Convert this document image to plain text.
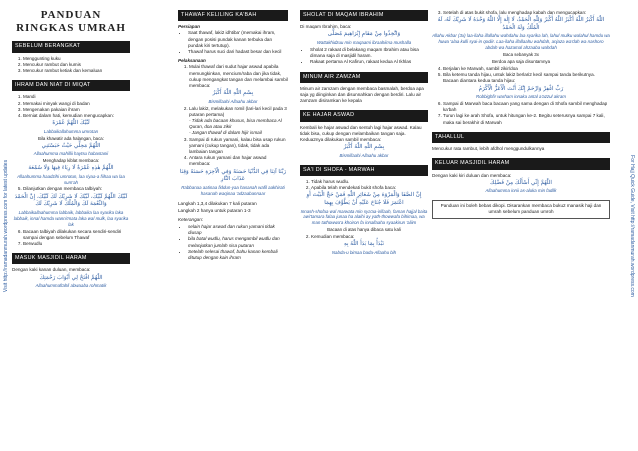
Visit http://ramadanmurah.wordpress.com for latest updates	For Hajj Quick Guide, Visit http://ramadanmurah.wordpress.com
PANDUAN RINGKAS UMRAH
SEBELUM BERANGKAT
1. Menggunting kuku
2. Mencukur rambut dan kumis
3. Mencukur rambut ketiak dan kemaluan
IHRAM DAN NIAT DI MIQAT
1. Mandi
2. Memakai minyak wangi di badan
3. Mengenakan pakaian ihram
4. Berniat dalam hati, kemudian mengucapkan:
لَبَّيْكَ اللّٰهُمَّ عُمْرَةً
Labbaikallahumma umrotan
Bila khawatir ada halangan, baca:
اللّٰهُمَّ مَحِلِّي حَيْثُ حَبَسْتَنِي
Allaahumma mahillii haytsu habastanii
Menghadap kiblat membaca:
اللّٰهُمَّ هٰذِهِ عُمْرَةٌ لَا رِيَاءَ فِيهَا وَلَا سُمْعَةَ
Allaahumma haadzihi umrotun, laa riyaa-a fiihaa wa laa sum'ah
5. Dilanjutkan dengan membaca talbiyah:
لَبَّيْكَ اللّٰهُمَّ لَبَّيْكَ، لَبَّيْكَ لَا شَرِيْكَ لَكَ لَبَّيْكَ، إِنَّ الْحَمْدَ وَالنِّعْمَةَ لَكَ وَالْمُلْكَ لَا شَرِيْكَ لَكَ
Labbaikallaahumma labbaik, labbaika laa syarika laka labbaik, innal hamda wanni'mata laka wal mulk, laa syarika lak
6. Bacaan talbiyah dilakukan secara sendiri-sendiri sampai dengan sebelum Thawaf
7. Berwudlu
MASUK MASJIDIL HARAM

Dengan kaki kanan duluan, membaca:

اللّٰهُمَّ افْتَحْ لِي أَبْوَابَ رَحْمَتِكَ
Allaahummaftahli abwaaba rohmatik
THAWAF KELILING KA'BAH
Persiapan
• Saat thawaf, laki2 idhtiba' (memakai ihram, dengan posisi pundak kanan terbuka dan pundak kiri tertutup).
• Thawaf harus suci dari hadast besar dan kecil
Pelaksanaan
1. Mulai thawaf dari sudut hajar aswad apabila memungkinkan, mencium/raba dan jika tidak, cukup mengangkat tangan dan melambai sambil membaca:
بِسْمِ اللّٰهِ اللّٰهُ أَكْبَرُ
Bismillaahi Allaahu akbar
2. Lalu laki2, melakukan romil (lari-lari kecil pada 3 putaran pertama)
- Tidak ada bacaan khusus, bisa membaca Al Quran, doa atau zikir
- Jangan thawaf di dalam hijir ismail
3. Sampai di rukun yamani, kalau bisa usap rukun yamani (cukup tangan), tidak, tidak ada lambaian tangan
4. Antara rukun yamani dan hajar aswad membaca:
رَبَّنَا آتِنَا فِي الدُّنْيَا حَسَنَةً وَفِي الْآخِرَةِ حَسَنَةً وَقِنَا عَذَابَ النَّارِ
Rabbanaa aatinaa fiddun-yaa hasanah wafil aakhirati hasanah waqinaa 'adzaabannaar

Langkah 1,3,4 dilakukan 7 kali putaran

Langkah 2 hanya untuk putaran 1-3

Keterangan:

• selain hajar aswad dan rukun yamani tidak diusap
• bila batal wudlu, harus mengambil wudlu dan melanjutkan jumlah sisa putaran
• Setelah selesai thawaf, bahu kanan kembali ditutup dengan kain ihram
SHOLAT DI MAQAM IBRAHIM

Di maqam Ibrahim, baca:

وَاتَّخِذُوا مِنْ مَقَامِ إِبْرَاهِيمَ مُصَلًّى
Wattakhidzuu min maqaami ibraahiima mushalla
• Sholat 2 rakaat di belakang maqam Ibrahim atau bisa dimana saja di masjidil haram.
• Rakaat pertama Al Kafirun, rakaat kedua Al Ikhlas
MINUM AIR ZAMZAM

Minum air zamzam dengan membaca basmalah, berdoa apa saja yg diinginkan dan disunnahkan dengan berdiri. Lalu air zamzam disiramkan ke kepala

KE HAJAR ASWAD

Kembali ke hajar aswad dan sentuh lagi hajar aswad. Kalau tidak bisa, cukup dengan melambaikan tangan saja. Kedua2nya dilakukan sambil membaca:

بِسْمِ اللّٰهِ اللّٰهُ أَكْبَرُ
Bismillaahi Allaahu akbar
SA'I DI SHOFA - MARWAH
1. Tidak harus wudlu.
2. Apabila telah mendekati bukit shofa baca:
إِنَّ الصَّفَا وَالْمَرْوَةَ مِنْ شَعَائِرِ اللّٰهِ فَمَنْ حَجَّ الْبَيْتَ أَوِ اعْتَمَرَ فَلَا جُنَاحَ عَلَيْهِ أَنْ يَطَّوَّفَ بِهِمَا
Innash-shofaa wal marwata min sya'aa-irillaah, faman hajjal baita awi'tamara falaa junaa ha alaihi ay yath-thowwafa bihimaa, wa man tathowwa'a khoiron fa innallaaha syaakirun 'aliim
Bacaan di atas hanya dibaca satu kali
2. Kemudian membaca:
نَبْدَأُ بِمَا بَدَأَ اللّٰهُ بِهِ
Nabda-u bimaa bada-Allaahu bih
3. Setelah di atas bukit shofa, lalu menghadap kabah dan mengucapkan:
اللّٰهُ أَكْبَرُ اللّٰهُ أَكْبَرُ اللّٰهُ أَكْبَرُ وَلِلّٰهِ الْحَمْدُ، لَا إِلٰهَ إِلَّا اللّٰهُ وَحْدَهُ لَا شَرِيْكَ لَهُ، لَهُ الْمُلْكُ وَلَهُ الْحَمْدُ
Allahu Akbar (3x) laa-ilaha illallahu wahdahu laa syarika lah, lahul mulku walahul hamdu wa huwa 'alaa kulli syai-in qodiir. Laa-ilaha illallaahu wahdah, anjaza wa'dah wa nashoro abdah wa hazamal ahzaaba wahdah
Baca sebanyak 3x
Berdoa apa saja disuntamnya
4. Berjalan ke Marwah, sambil zikir/doa
5. Bila ketemu tanda hijau, untuk laki2 berlari2 kecil sampai tanda berikutnya. Bacaan diantara kedua tanda hijau:
رَبِّ اغْفِرْ وَارْحَمْ إِنَّكَ أَنْتَ الْأَعَزُّ الْأَكْرَمُ
Robbighfir warham innaka antal a'azzul akram
6. Sampai di Marwah baca bacaan yang sama dengan di Shofa sambil menghadap ka'bah
7. Turun lagi ke arah Shofa, untuk hitungan ke-2. Begitu seterusnya sampai 7 kali, maka sai berakhir di Marwah
TAHALLUL

Mencukur rata rambut, lebih afdhol menggundulkannya

KELUAR MASJIDIL HARAM

Dengan kaki kiri duluan dan membaca:

اللّٰهُمَّ إِنِّي أَسْأَلُكَ مِنْ فَضْلِكَ
Allaahumma innii as-aluka min fadlik
Panduan ini boleh bebas dikopi. Disarankan membaca buku2 manasik haji dan umrah sebelum panduan umroh
